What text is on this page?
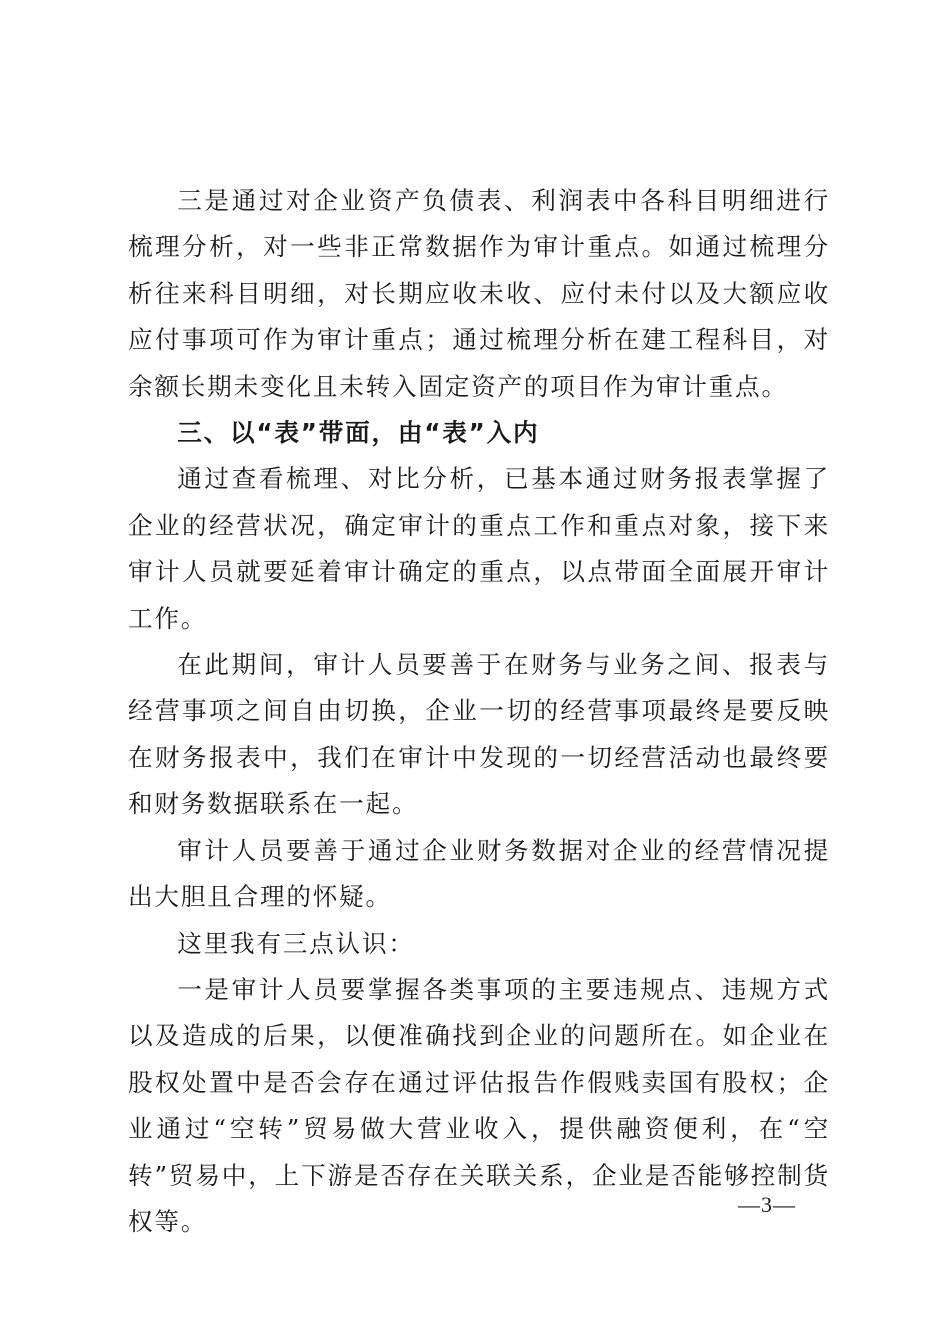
三是通过对企业资产负债表、利润表中各科目明细进行梳理分析，对一些非正常数据作为审计重点。如通过梳理分析往来科目明细，对长期应收未收、应付未付以及大额应收应付事项可作为审计重点；通过梳理分析在建工程科目，对余额长期未变化且未转入固定资产的项目作为审计重点。

三、以“表”带面，由“表”入内

通过查看梳理、对比分析，已基本通过财务报表掌握了企业的经营状况，确定审计的重点工作和重点对象，接下来审计人员就要延着审计确定的重点，以点带面全面展开审计工作。

在此期间，审计人员要善于在财务与业务之间、报表与经营事项之间自由切换，企业一切的经营事项最终是要反映在财务报表中，我们在审计中发现的一切经营活动也最终要和财务数据联系在一起。

审计人员要善于通过企业财务数据对企业的经营情况提出大胆且合理的怀疑。

这里我有三点认识：

一是审计人员要掌握各类事项的主要违规点、违规方式以及造成的后果，以便准确找到企业的问题所在。如企业在股权处置中是否会存在通过评估报告作假贱卖国有股权；企业通过“空转”贸易做大营业收入，提供融资便利，在“空转”贸易中，上下游是否存在关联关系，企业是否能够控制货权等。

—3—
